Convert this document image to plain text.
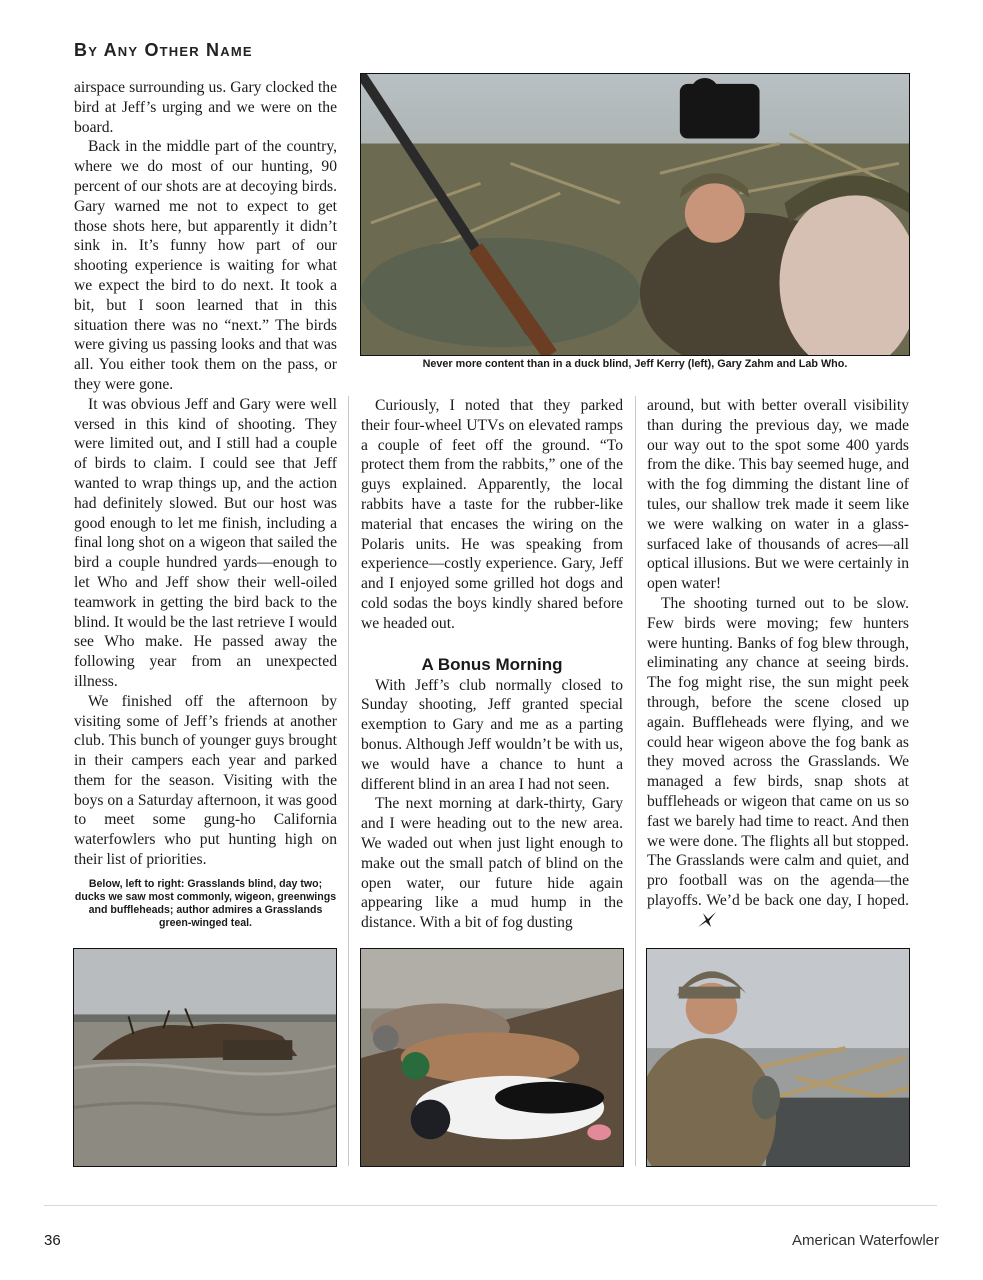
By Any Other Name
Never more content than in a duck blind, Jeff Kerry (left), Gary Zahm and Lab Who.

airspace surrounding us. Gary clocked the bird at Jeff’s urging and we were on the board.

Back in the middle part of the country, where we do most of our hunting, 90 percent of our shots are at decoying birds. Gary warned me not to expect to get those shots here, but apparently it didn’t sink in. It’s funny how part of our shooting experience is waiting for what we expect the bird to do next. It took a bit, but I soon learned that in this situation there was no “next.” The birds were giving us passing looks and that was all. You either took them on the pass, or they were gone.

It was obvious Jeff and Gary were well versed in this kind of shooting. They were limited out, and I still had a couple of birds to claim. I could see that Jeff wanted to wrap things up, and the action had definitely slowed. But our host was good enough to let me finish, including a final long shot on a wigeon that sailed the bird a couple hundred yards—enough to let Who and Jeff show their well-oiled teamwork in getting the bird back to the blind. It would be the last retrieve I would see Who make. He passed away the following year from an unexpected illness.

We finished off the afternoon by visiting some of Jeff’s friends at another club. This bunch of younger guys brought in their campers each year and parked them for the season. Visiting with the boys on a Saturday afternoon, it was good to meet some gung-ho California waterfowlers who put hunting high on their list of priorities.

Below, left to right: Grasslands blind, day two; ducks we saw most commonly, wigeon, greenwings and buffleheads; author admires a Grasslands green-winged teal.

Curiously, I noted that they parked their four-wheel UTVs on elevated ramps a couple of feet off the ground. “To protect them from the rabbits,” one of the guys explained. Apparently, the local rabbits have a taste for the rubber-like material that encases the wiring on the Polaris units. He was speaking from experience—costly experience. Gary, Jeff and I enjoyed some grilled hot dogs and cold sodas the boys kindly shared before we headed out.

A Bonus Morning

With Jeff’s club normally closed to Sunday shooting, Jeff granted special exemption to Gary and me as a parting bonus. Although Jeff wouldn’t be with us, we would have a chance to hunt a different blind in an area I had not seen.

The next morning at dark-thirty, Gary and I were heading out to the new area. We waded out when just light enough to make out the small patch of blind on the open water, our future hide again appearing like a mud hump in the distance. With a bit of fog dusting

around, but with better overall visibility than during the previous day, we made our way out to the spot some 400 yards from the dike. This bay seemed huge, and with the fog dimming the distant line of tules, our shallow trek made it seem like we were walking on water in a glass-surfaced lake of thousands of acres—all optical illusions. But we were certainly in open water!

The shooting turned out to be slow. Few birds were moving; few hunters were hunting. Banks of fog blew through, eliminating any chance at seeing birds. The fog might rise, the sun might peek through, before the scene closed up again. Buffleheads were flying, and we could hear wigeon above the fog bank as they moved across the Grasslands. We managed a few birds, snap shots at buffleheads or wigeon that came on us so fast we barely had time to react. And then we were done. The flights all but stopped. The Grasslands were calm and quiet, and pro football was on the agenda—the playoffs. We’d be back one day, I hoped.

36	American Waterfowler
